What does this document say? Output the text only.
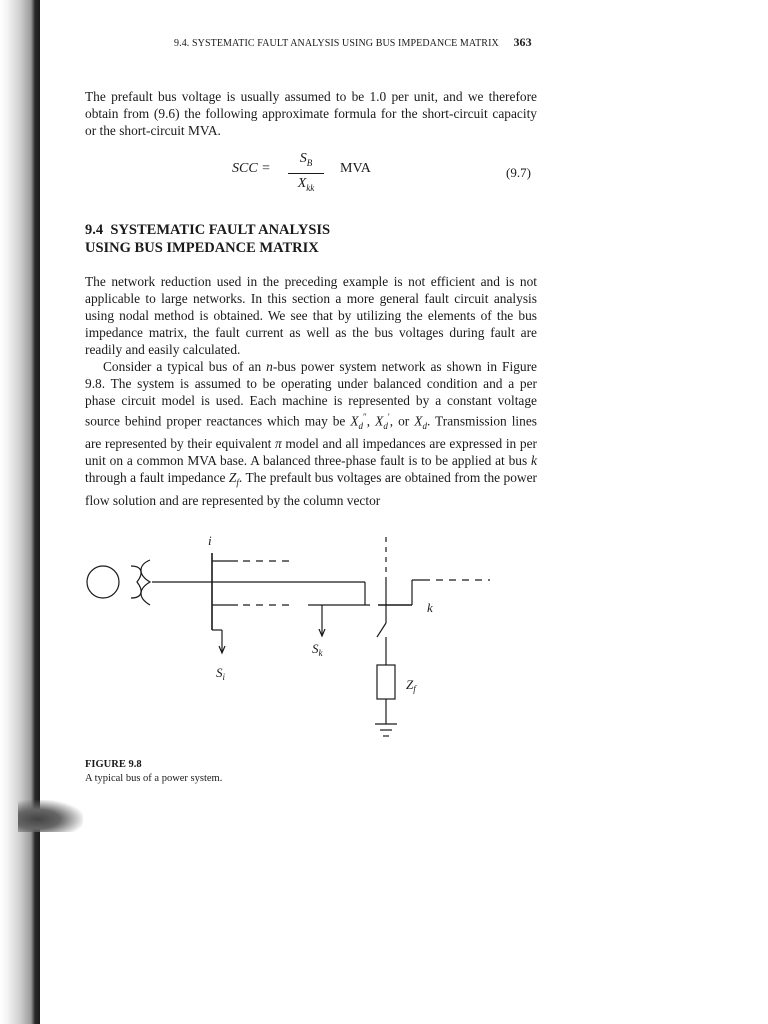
9.4. SYSTEMATIC FAULT ANALYSIS USING BUS IMPEDANCE MATRIX 363

The prefault bus voltage is usually assumed to be 1.0 per unit, and we therefore obtain from (9.6) the following approximate formula for the short-circuit capacity or the short-circuit MVA.

SCC =
$S_B$
$X_{kk}$
MVA	(9.7)
9.4 SYSTEMATIC FAULT ANALYSIS
USING BUS IMPEDANCE MATRIX

The network reduction used in the preceding example is not efficient and is not applicable to large networks. In this section a more general fault circuit analysis using nodal method is obtained. We see that by utilizing the elements of the bus impedance matrix, the fault current as well as the bus voltages during fault are readily and easily calculated.

Consider a typical bus of an n-bus power system network as shown in Figure 9.8. The system is assumed to be operating under balanced condition and a per phase circuit model is used. Each machine is represented by a constant voltage source behind proper reactances which may be $X_d''$, $X_d'$, or $X_d$. Transmission lines are represented by their equivalent π model and all impedances are expressed in per unit on a common MVA base. A balanced three-phase fault is to be applied at bus k through a fault impedance $Z_f$. The prefault bus voltages are obtained from the power flow solution and are represented by the column vector

i
k
$S_i$
$S_k$
$Z_f$
FIGURE 9.8
A typical bus of a power system.
